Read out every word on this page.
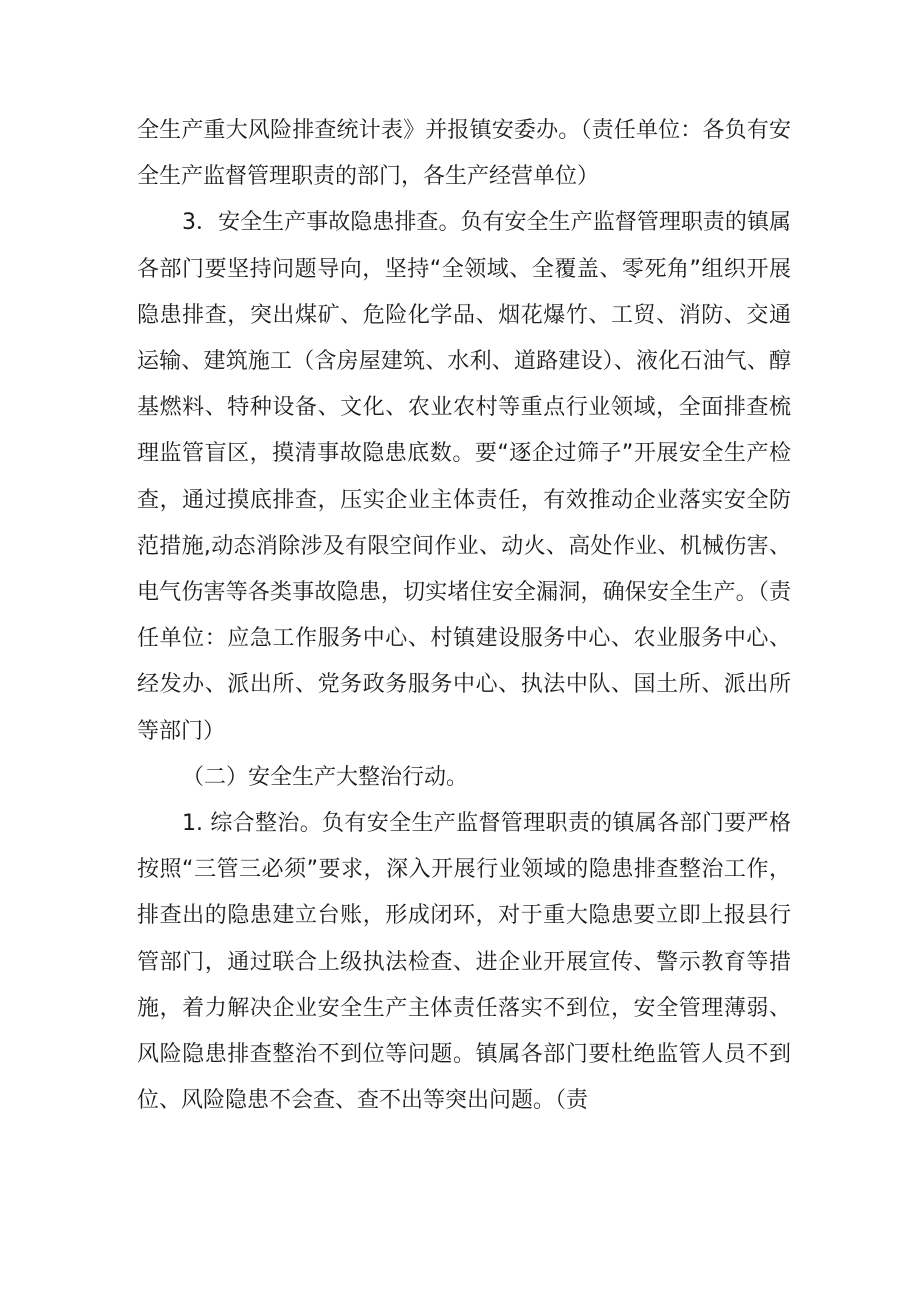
全生产重大风险排查统计表》并报镇安委办。（责任单位：各负有安全生产监督管理职责的部门，各生产经营单位）

3．安全生产事故隐患排查。负有安全生产监督管理职责的镇属各部门要坚持问题导向，坚持“全领域、全覆盖、零死角”组织开展隐患排查，突出煤矿、危险化学品、烟花爆竹、工贸、消防、交通运输、建筑施工（含房屋建筑、水利、道路建设）、液化石油气、醇基燃料、特种设备、文化、农业农村等重点行业领域，全面排查梳理监管盲区，摸清事故隐患底数。要“逐企过筛子”开展安全生产检查，通过摸底排查，压实企业主体责任，有效推动企业落实安全防范措施,动态消除涉及有限空间作业、动火、高处作业、机械伤害、电气伤害等各类事故隐患，切实堵住安全漏洞，确保安全生产。（责任单位：应急工作服务中心、村镇建设服务中心、农业服务中心、经发办、派出所、党务政务服务中心、执法中队、国土所、派出所等部门）

（二）安全生产大整治行动。

1. 综合整治。负有安全生产监督管理职责的镇属各部门要严格按照“三管三必须”要求，深入开展行业领域的隐患排查整治工作，排查出的隐患建立台账，形成闭环，对于重大隐患要立即上报县行管部门，通过联合上级执法检查、进企业开展宣传、警示教育等措施，着力解决企业安全生产主体责任落实不到位，安全管理薄弱、风险隐患排查整治不到位等问题。镇属各部门要杜绝监管人员不到位、风险隐患不会查、查不出等突出问题。（责
